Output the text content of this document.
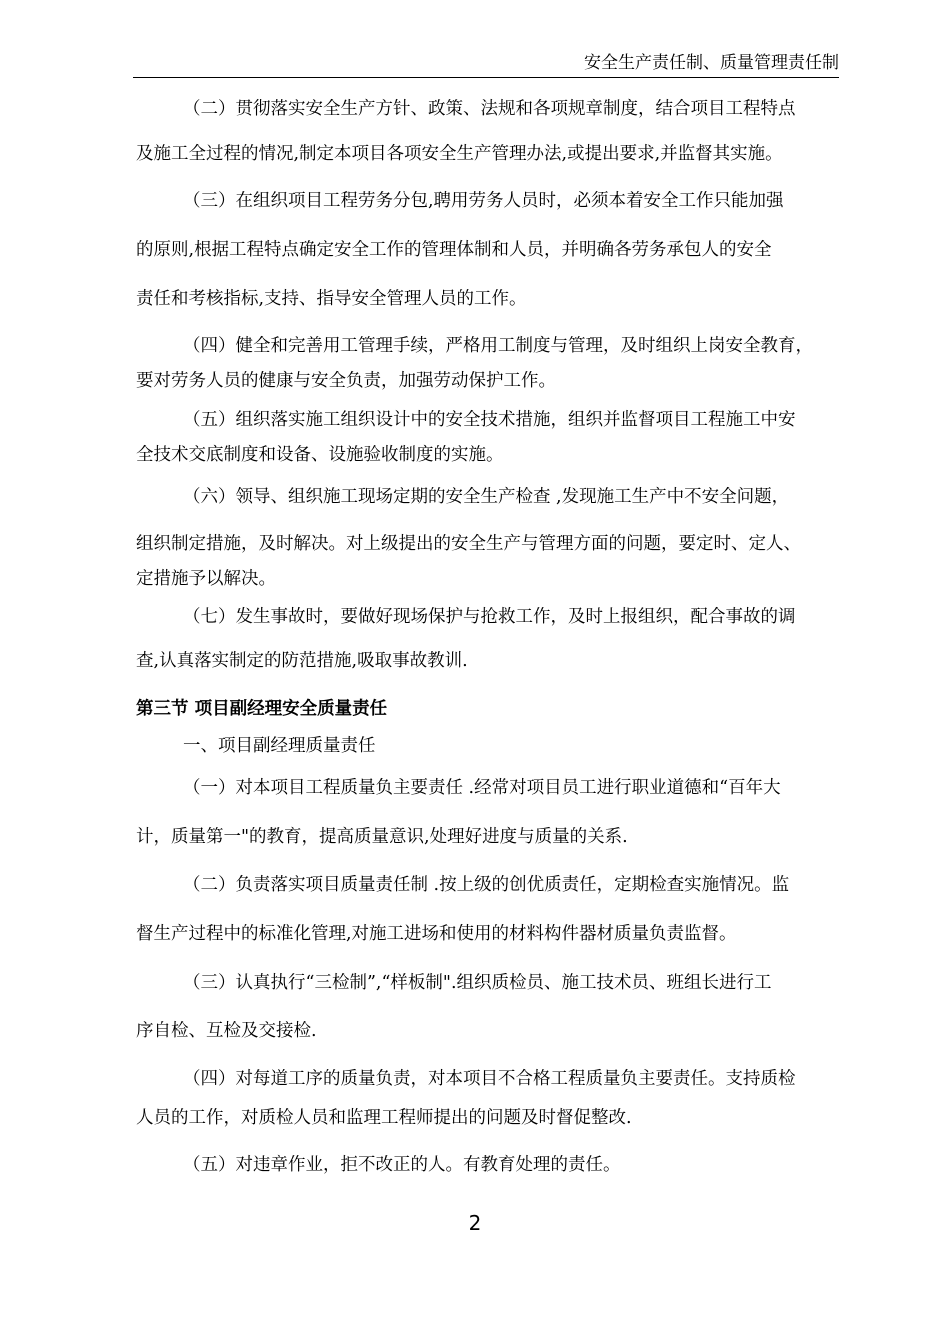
安全生产责任制、质量管理责任制
（二）贯彻落实安全生产方针、政策、法规和各项规章制度，结合项目工程特点
及施工全过程的情况,制定本项目各项安全生产管理办法,或提出要求,并监督其实施。
（三）在组织项目工程劳务分包,聘用劳务人员时，必须本着安全工作只能加强
的原则,根据工程特点确定安全工作的管理体制和人员，并明确各劳务承包人的安全
责任和考核指标,支持、指导安全管理人员的工作。
（四）健全和完善用工管理手续，严格用工制度与管理，及时组织上岗安全教育，
要对劳务人员的健康与安全负责，加强劳动保护工作。
（五）组织落实施工组织设计中的安全技术措施，组织并监督项目工程施工中安
全技术交底制度和设备、设施验收制度的实施。
（六）领导、组织施工现场定期的安全生产检查 ,发现施工生产中不安全问题，
组织制定措施，及时解决。对上级提出的安全生产与管理方面的问题，要定时、定人、
定措施予以解决。
（七）发生事故时，要做好现场保护与抢救工作，及时上报组织，配合事故的调
查,认真落实制定的防范措施,吸取事故教训.
第三节 项目副经理安全质量责任
一、项目副经理质量责任
（一）对本项目工程质量负主要责任 .经常对项目员工进行职业道德和“百年大
计，质量第一"的教育，提高质量意识,处理好进度与质量的关系.
（二）负责落实项目质量责任制 .按上级的创优质责任，定期检查实施情况。监
督生产过程中的标准化管理,对施工进场和使用的材料构件器材质量负责监督。
（三）认真执行“三检制”,“样板制".组织质检员、施工技术员、班组长进行工
序自检、互检及交接检.
（四）对每道工序的质量负责，对本项目不合格工程质量负主要责任。支持质检
人员的工作，对质检人员和监理工程师提出的问题及时督促整改.
（五）对违章作业，拒不改正的人。有教育处理的责任。
2
